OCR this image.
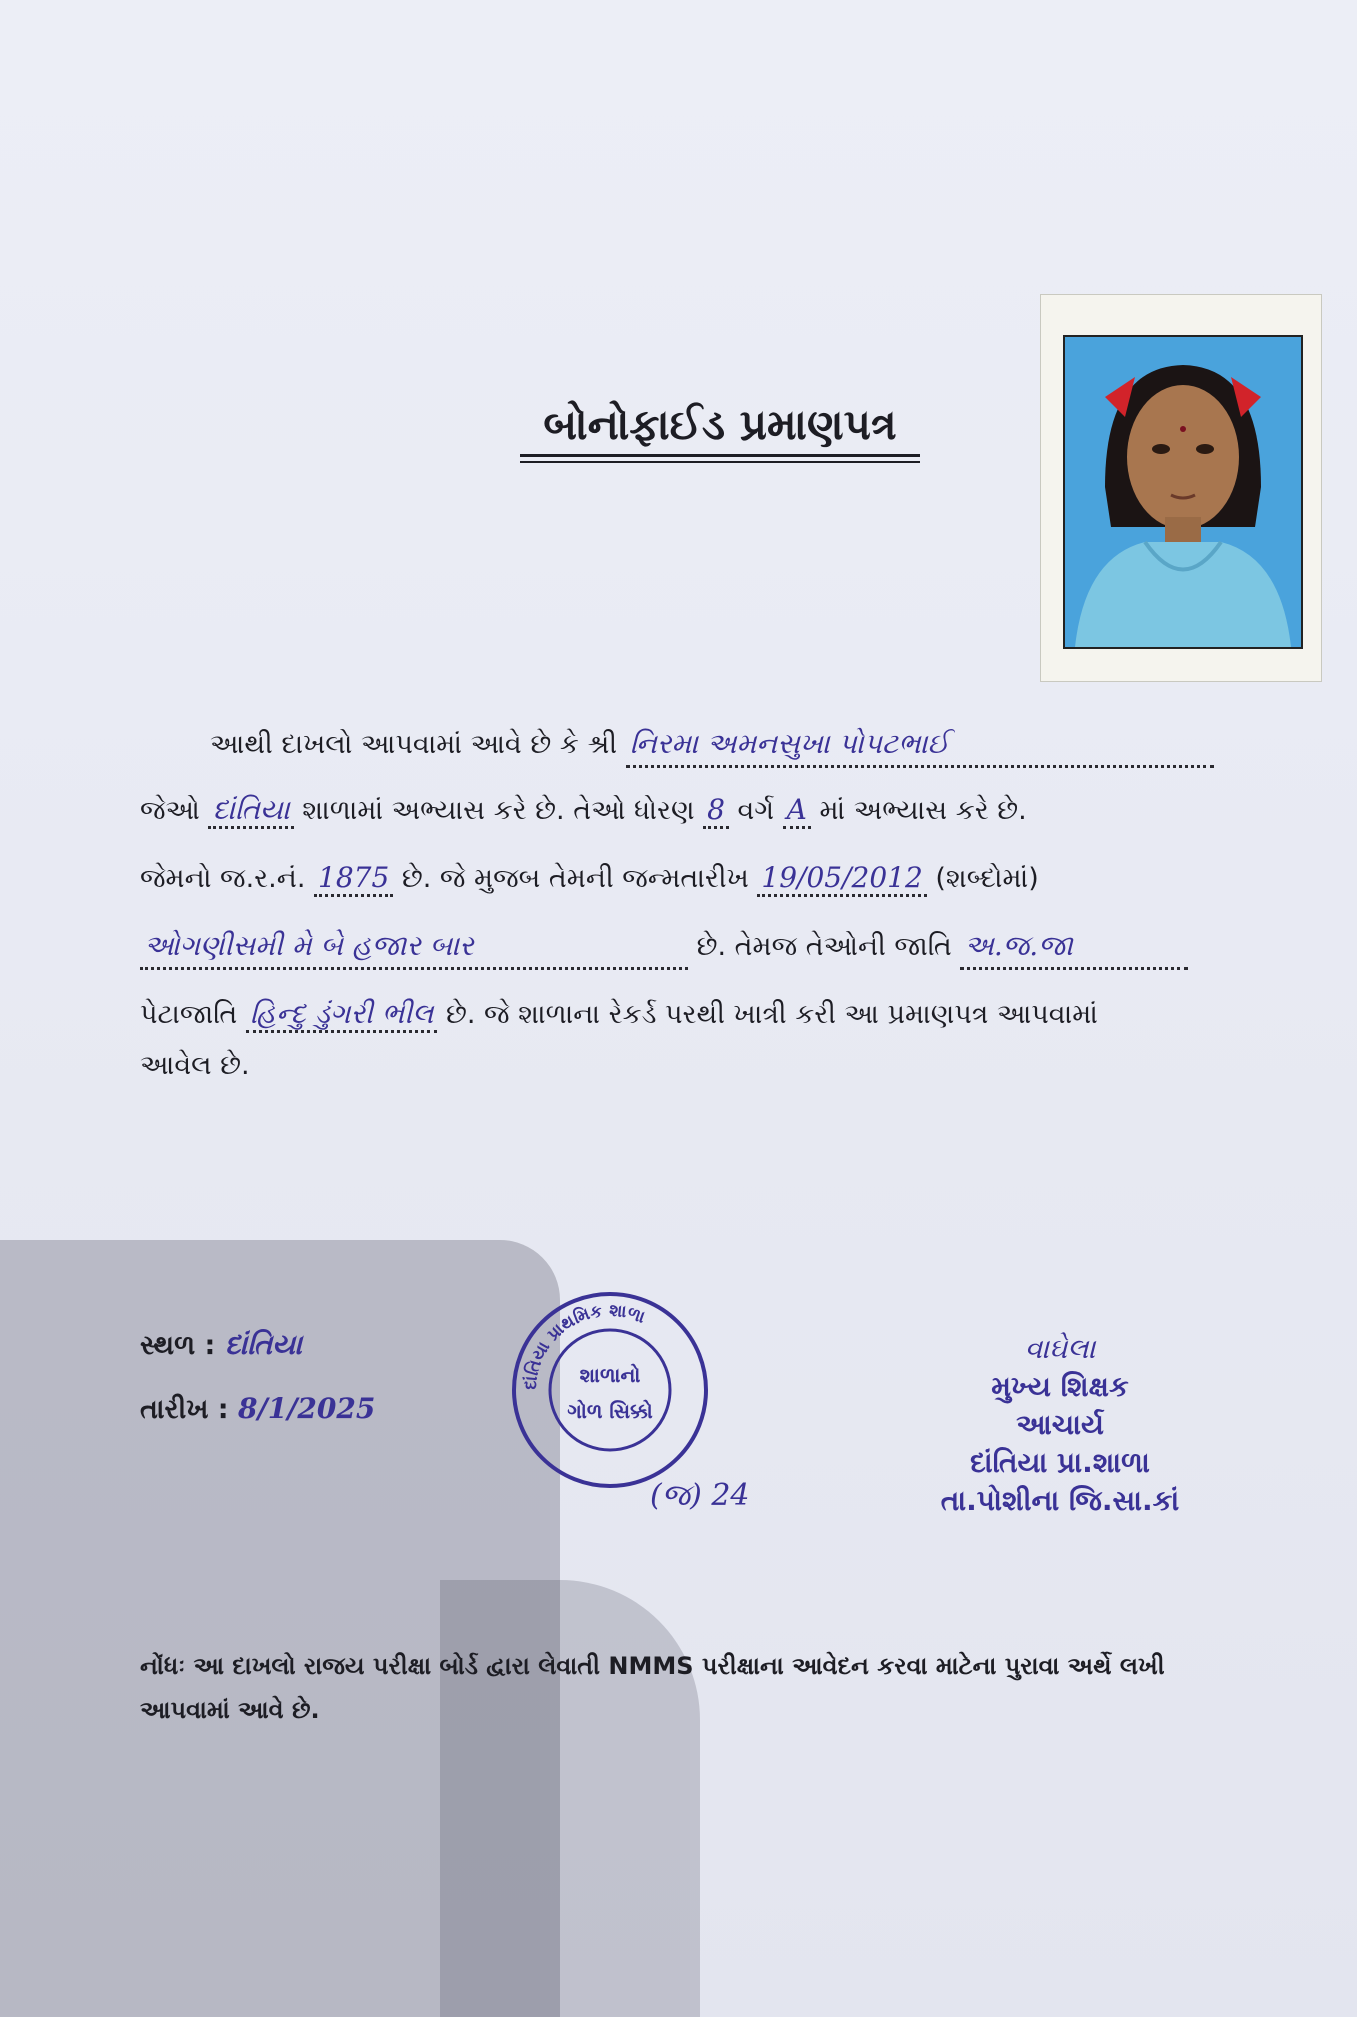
બોનોફાઈડ પ્રમાણપત્ર
આથી દાખલો આપવામાં આવે છે કે શ્રી નિરમા અમનસુખા પોપટભાઈ
જેઓ દાંતિયા શાળામાં અભ્યાસ કરે છે. તેઓ ધોરણ 8 વર્ગ A માં અભ્યાસ કરે છે.
જેમનો જ.ર.નં. 1875 છે. જે મુજબ તેમની જન્મતારીખ 19/05/2012 (શબ્દોમાં)
ઓગણીસમી મે બે હજાર બાર	છે. તેમજ તેઓની જાતિ અ.જ.જા
પેટાજાતિ હિન્દુ ડુંગરી ભીલ છે. જે શાળાના રેકર્ડ પરથી ખાત્રી કરી આ પ્રમાણપત્ર આપવામાં
આવેલ છે.
સ્થળ : દાંતિયા
તારીખ : 8/1/2025
દાંતિયા પ્રાથમિક શાળા
શાળાનો
ગોળ સિક્કો
(જ) 24
વાઘેલા
મુખ્ય શિક્ષક
આચાર્ય
દાંતિયા પ્રા.શાળા
તા.પોશીના જિ.સા.કાં
નોંધઃ આ દાખલો રાજય પરીક્ષા બોર્ડ દ્વારા લેવાતી NMMS પરીક્ષાના આવેદન કરવા માટેના પુરાવા અર્થે લખી આપવામાં આવે છે.
